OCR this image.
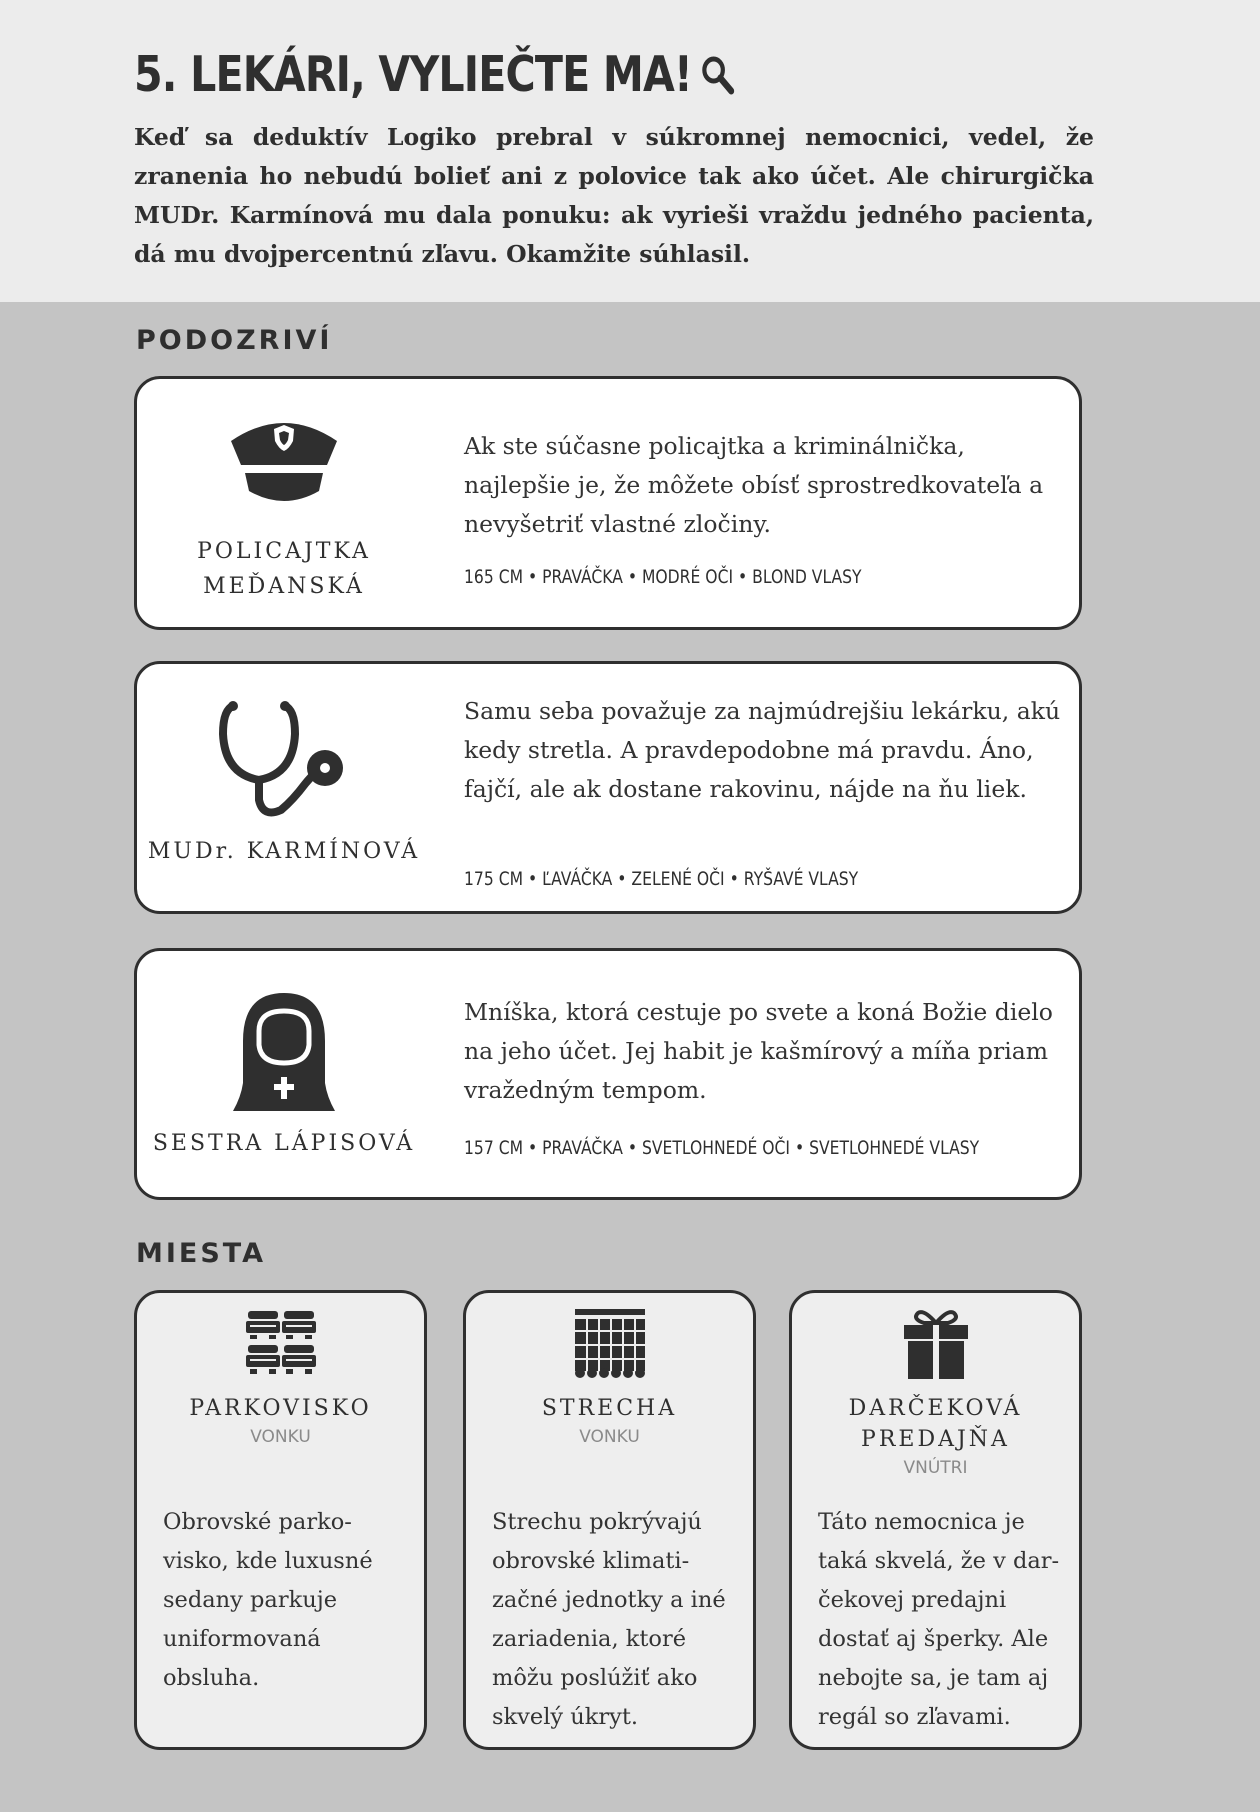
5. LEKÁRI, VYLIEČTE MA!
Keď sa deduktív Logiko prebral v súkromnej nemocnici, vedel, že zranenia ho nebudú bolieť ani z polovice tak ako účet. Ale chirurgička MUDr. Karmínová mu dala ponuku: ak vyrieši vraždu jedného pacienta, dá mu dvojpercentnú zľavu. Okamžite súhlasil.
PODOZRIVÍ
POLICAJTKA
MEĎANSKÁ
Ak ste súčasne policajtka a kriminálnička, najlepšie je, že môžete obísť sprostredkovateľa a nevyšetriť vlastné zločiny.
165 CM • PRAVÁČKA • MODRÉ OČI • BLOND VLASY
MUDr. KARMÍNOVÁ
Samu seba považuje za najmúdrejšiu lekárku, akú kedy stretla. A pravdepodobne má pravdu. Áno, fajčí, ale ak dostane rakovinu, nájde na ňu liek.
175 CM • ĽAVÁČKA • ZELENÉ OČI • RYŠAVÉ VLASY
SESTRA LÁPISOVÁ
Mníška, ktorá cestuje po svete a koná Božie dielo na jeho účet. Jej habit je kašmírový a míňa priam vražedným tempom.
157 CM • PRAVÁČKA • SVETLOHNEDÉ OČI • SVETLOHNEDÉ VLASY
MIESTA
PARKOVISKO
VONKU
Obrovské parko-visko, kde luxusné sedany parkuje uniformovaná obsluha.
STRECHA
VONKU
Strechu pokrývajú obrovské klimati-začné jednotky a iné zariadenia, ktoré môžu poslúžiť ako skvelý úkryt.
DARČEKOVÁ PREDAJŇA
VNÚTRI
Táto nemocnica je taká skvelá, že v dar-čekovej predajni dostať aj šperky. Ale nebojte sa, je tam aj regál so zľavami.
